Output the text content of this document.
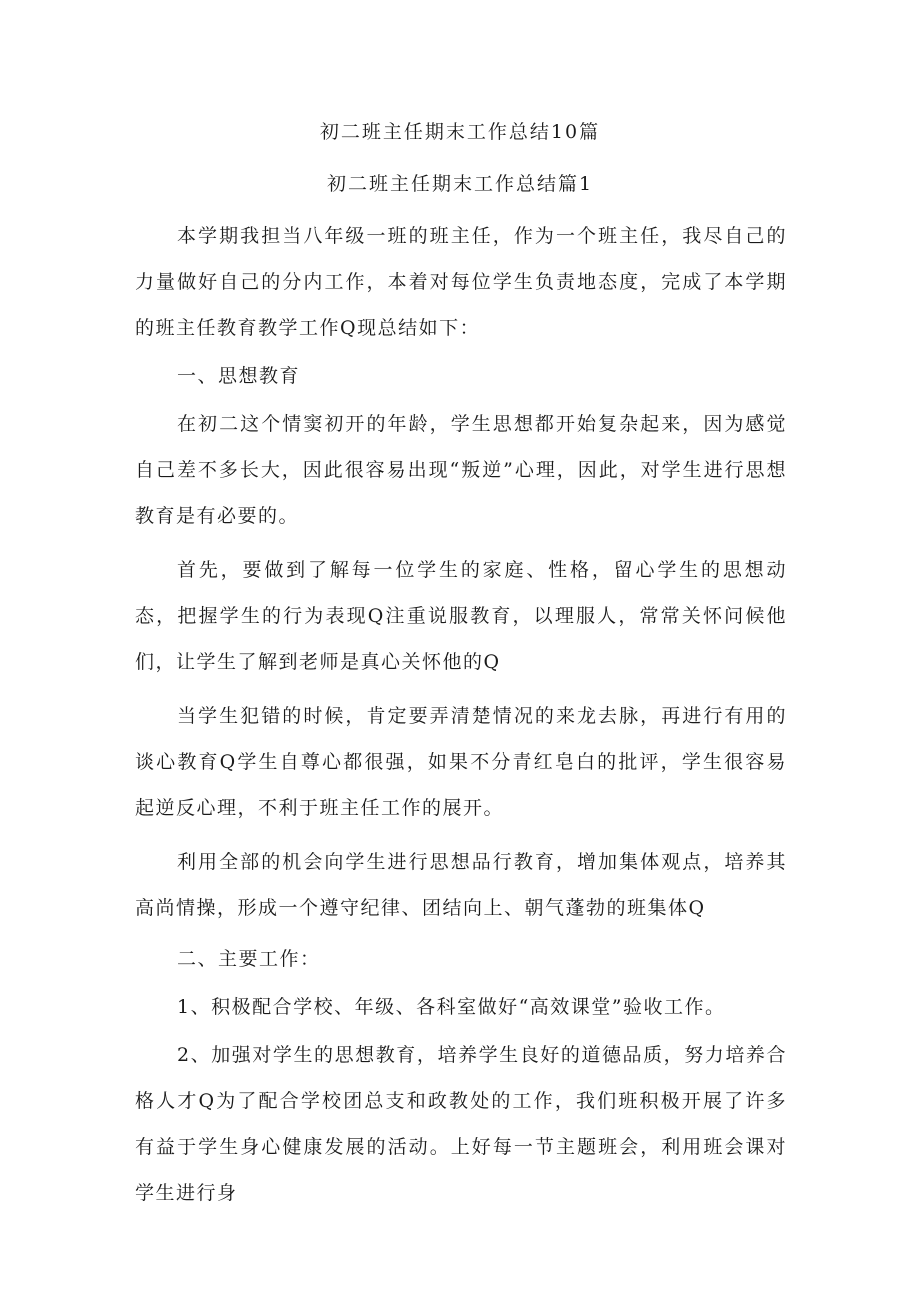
初二班主任期末工作总结10篇
初二班主任期末工作总结篇1

本学期我担当八年级一班的班主任，作为一个班主任，我尽自己的力量做好自己的分内工作，本着对每位学生负责地态度，完成了本学期的班主任教育教学工作Q现总结如下：

一、思想教育

在初二这个情窦初开的年龄，学生思想都开始复杂起来，因为感觉自己差不多长大，因此很容易出现“叛逆”心理，因此，对学生进行思想教育是有必要的。

首先，要做到了解每一位学生的家庭、性格，留心学生的思想动态，把握学生的行为表现Q注重说服教育，以理服人，常常关怀问候他们，让学生了解到老师是真心关怀他的Q

当学生犯错的时候，肯定要弄清楚情况的来龙去脉，再进行有用的谈心教育Q学生自尊心都很强，如果不分青红皂白的批评，学生很容易起逆反心理，不利于班主任工作的展开。

利用全部的机会向学生进行思想品行教育，增加集体观点，培养其高尚情操，形成一个遵守纪律、团结向上、朝气蓬勃的班集体Q

二、主要工作：

1、积极配合学校、年级、各科室做好“高效课堂”验收工作。

2、加强对学生的思想教育，培养学生良好的道德品质，努力培养合格人才Q为了配合学校团总支和政教处的工作，我们班积极开展了许多有益于学生身心健康发展的活动。上好每一节主题班会，利用班会课对学生进行身
